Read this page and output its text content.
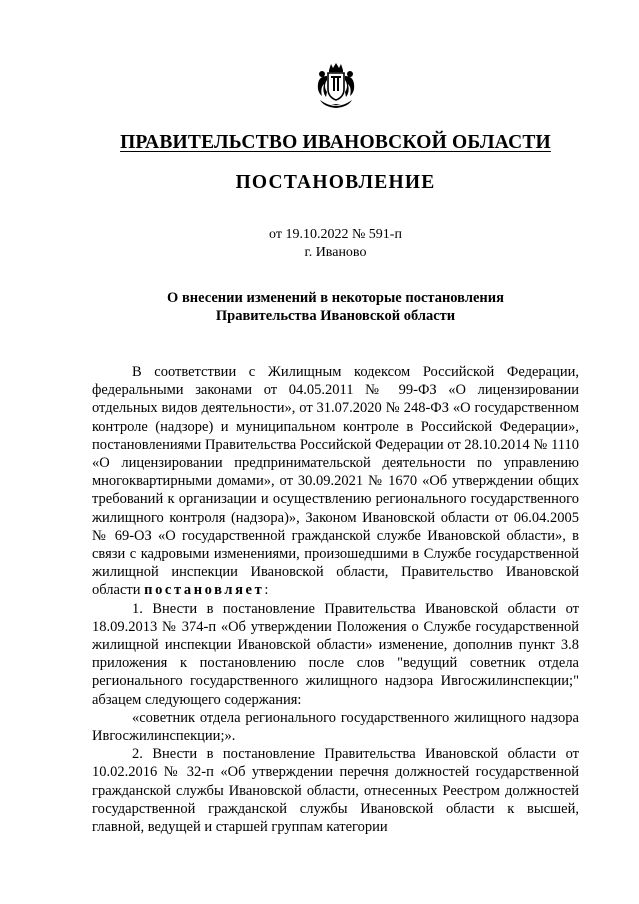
ПРАВИТЕЛЬСТВО ИВАНОВСКОЙ ОБЛАСТИ
ПОСТАНОВЛЕНИЕ
от 19.10.2022 № 591-п
г. Иваново
О внесении изменений в некоторые постановления
Правительства Ивановской области

В соответствии с Жилищным кодексом Российской Федерации, федеральными законами от 04.05.2011 № 99-ФЗ «О лицензировании отдельных видов деятельности», от 31.07.2020 № 248-ФЗ «О государственном контроле (надзоре) и муниципальном контроле в Российской Федерации», постановлениями Правительства Российской Федерации от 28.10.2014 № 1110 «О лицензировании предпринимательской деятельности по управлению многоквартирными домами», от 30.09.2021 № 1670 «Об утверждении общих требований к организации и осуществлению регионального государственного жилищного контроля (надзора)», Законом Ивановской области от 06.04.2005 № 69-ОЗ «О государственной гражданской службе Ивановской области», в связи с кадровыми изменениями, произошедшими в Службе государственной жилищной инспекции Ивановской области, Правительство Ивановской области постановляет:

1. Внести в постановление Правительства Ивановской области от 18.09.2013 № 374-п «Об утверждении Положения о Службе государственной жилищной инспекции Ивановской области» изменение, дополнив пункт 3.8 приложения к постановлению после слов "ведущий советник отдела регионального государственного жилищного надзора Ивгосжилинспекции;" абзацем следующего содержания:

«советник отдела регионального государственного жилищного надзора Ивгосжилинспекции;».

2. Внести в постановление Правительства Ивановской области от 10.02.2016 № 32-п «Об утверждении перечня должностей государственной гражданской службы Ивановской области, отнесенных Реестром должностей государственной гражданской службы Ивановской области к высшей, главной, ведущей и старшей группам категории
